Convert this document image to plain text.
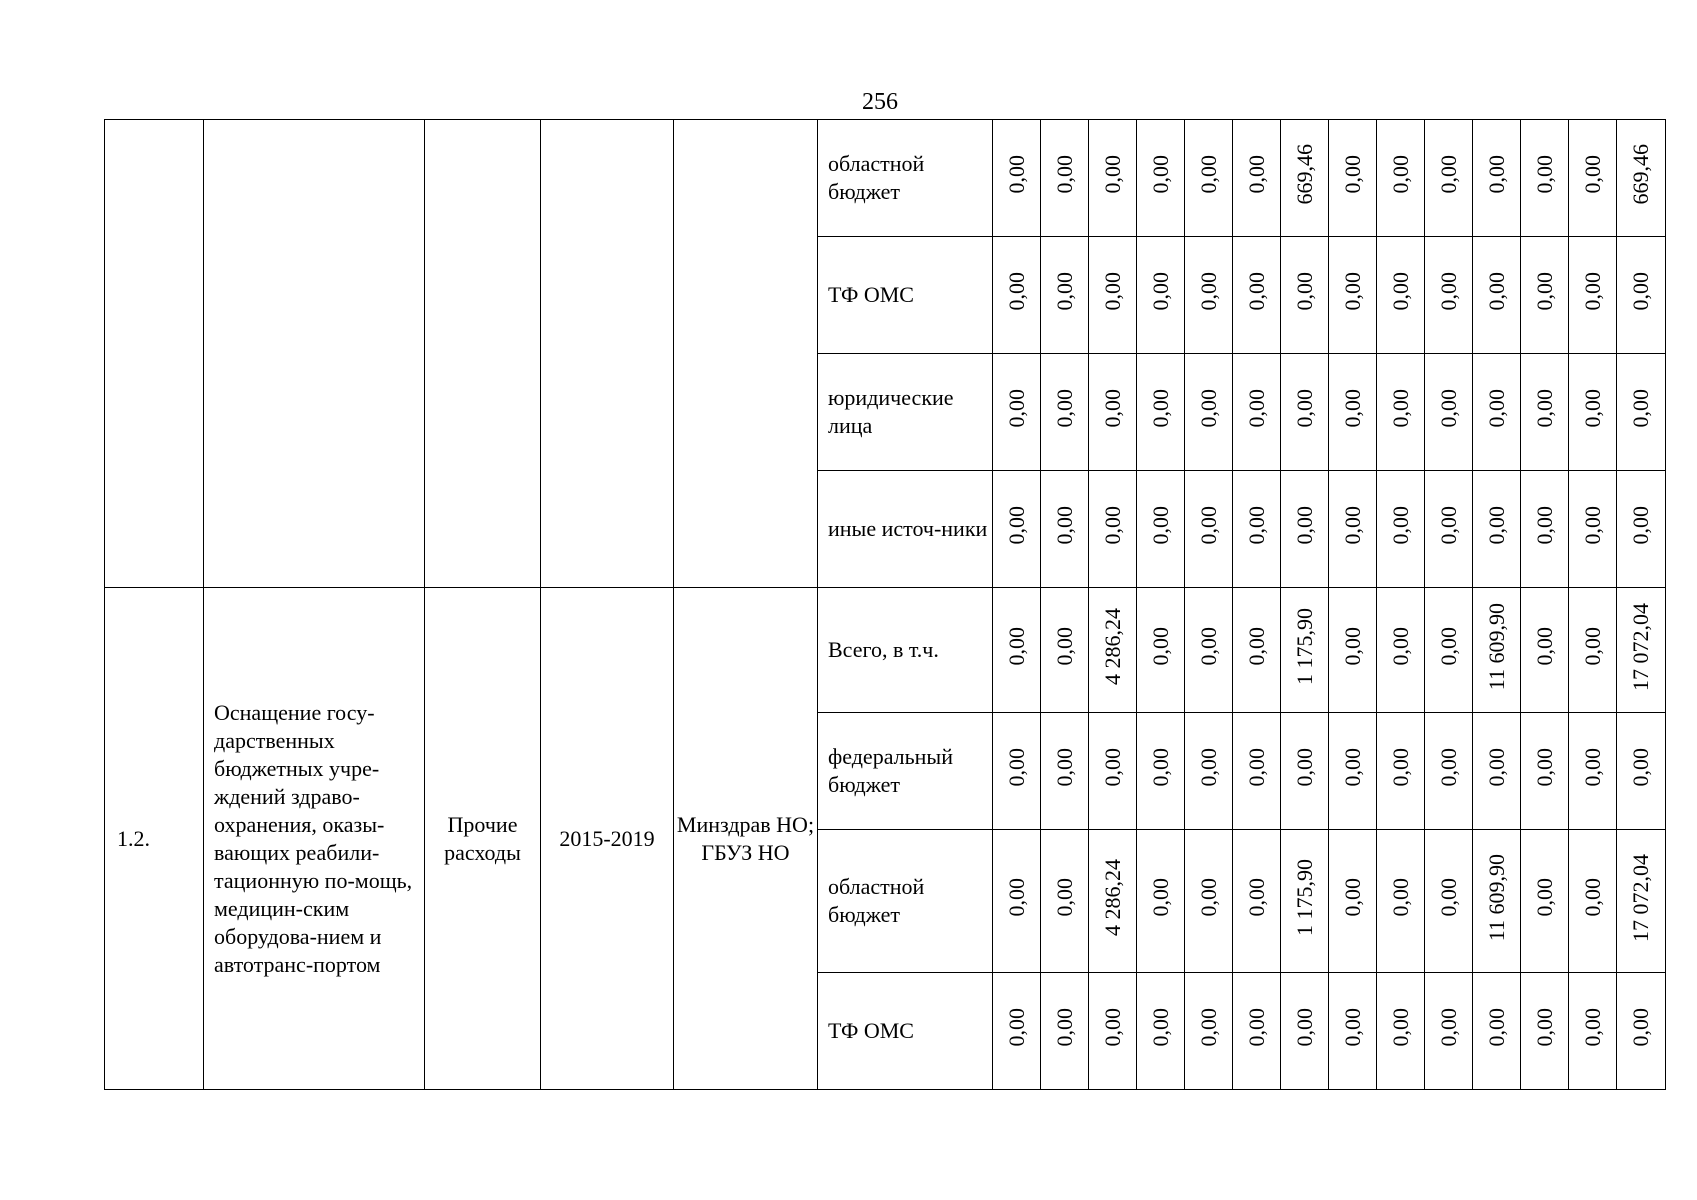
256
					областной бюджет	0,00	0,00	0,00	0,00	0,00	0,00	669,46	0,00	0,00	0,00	0,00	0,00	0,00	669,46
					ТФ ОМС	0,00	0,00	0,00	0,00	0,00	0,00	0,00	0,00	0,00	0,00	0,00	0,00	0,00	0,00
					юридические лица	0,00	0,00	0,00	0,00	0,00	0,00	0,00	0,00	0,00	0,00	0,00	0,00	0,00	0,00
					иные источ-ники	0,00	0,00	0,00	0,00	0,00	0,00	0,00	0,00	0,00	0,00	0,00	0,00	0,00	0,00

1.2.	Оснащение госу-дарственных бюджетных учре-ждений здраво-охранения, оказы-вающих реабили-тационную по-мощь, медицин-ским оборудова-нием и автотранс-портом	Прочие расходы	2015-2019	Минздрав НО; ГБУЗ НО	Всего, в т.ч.	0,00	0,00	4 286,24	0,00	0,00	0,00	1 175,90	0,00	0,00	0,00	11 609,90	0,00	0,00	17 072,04
					федеральный бюджет	0,00	0,00	0,00	0,00	0,00	0,00	0,00	0,00	0,00	0,00	0,00	0,00	0,00	0,00
					областной бюджет	0,00	0,00	4 286,24	0,00	0,00	0,00	1 175,90	0,00	0,00	0,00	11 609,90	0,00	0,00	17 072,04
					ТФ ОМС	0,00	0,00	0,00	0,00	0,00	0,00	0,00	0,00	0,00	0,00	0,00	0,00	0,00	0,00
